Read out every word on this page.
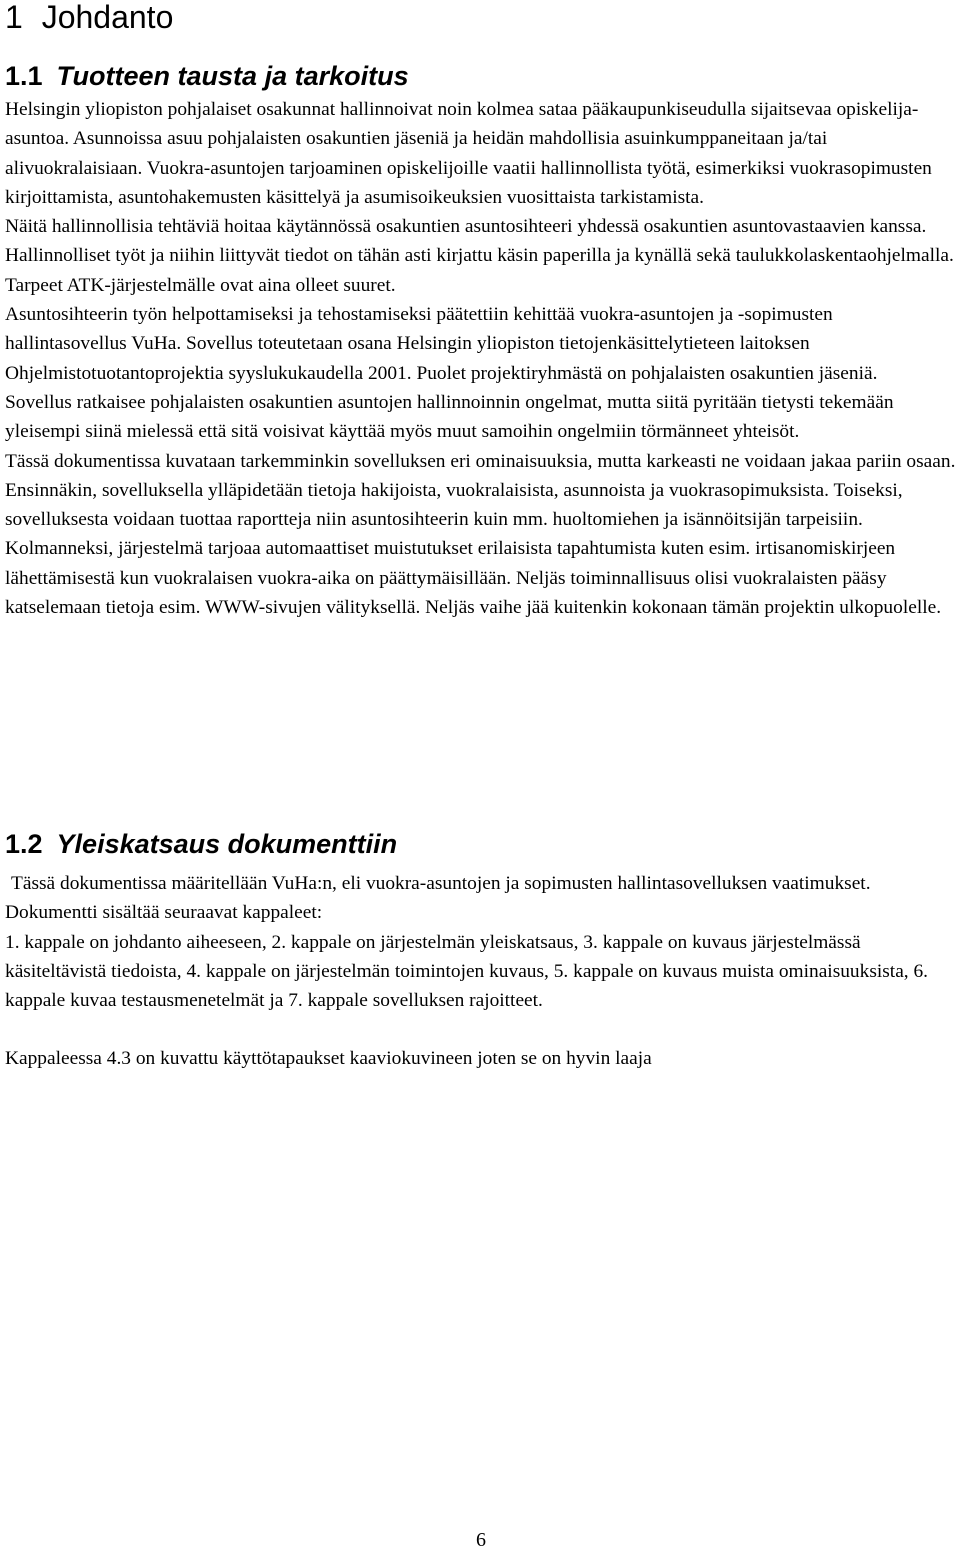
1 Johdanto
1.1 Tuotteen tausta ja tarkoitus

Helsingin yliopiston pohjalaiset osakunnat hallinnoivat noin kolmea sataa pääkaupunkiseudulla sijaitsevaa opiskelija-asuntoa. Asunnoissa asuu pohjalaisten osakuntien jäseniä ja heidän mahdollisia asuinkumppaneitaan ja/tai alivuokralaisiaan. Vuokra-asuntojen tarjoaminen opiskelijoille vaatii hallinnollista työtä, esimerkiksi vuokrasopimusten kirjoittamista, asuntohakemusten käsittelyä ja asumisoikeuksien vuosittaista tarkistamista.

Näitä hallinnollisia tehtäviä hoitaa käytännössä osakuntien asuntosihteeri yhdessä osakuntien asuntovastaavien kanssa.

Hallinnolliset työt ja niihin liittyvät tiedot on tähän asti kirjattu käsin paperilla ja kynällä sekä taulukkolaskentaohjelmalla. Tarpeet ATK-järjestelmälle ovat aina olleet suuret.

Asuntosihteerin työn helpottamiseksi ja tehostamiseksi päätettiin kehittää vuokra-asuntojen ja -sopimusten hallintasovellus VuHa. Sovellus toteutetaan osana Helsingin yliopiston tietojenkäsittelytieteen laitoksen Ohjelmistotuotantoprojektia syyslukukaudella 2001. Puolet projektiryhmästä on pohjalaisten osakuntien jäseniä.

Sovellus ratkaisee pohjalaisten osakuntien asuntojen hallinnoinnin ongelmat, mutta siitä pyritään tietysti tekemään yleisempi siinä mielessä että sitä voisivat käyttää myös muut samoihin ongelmiin törmänneet yhteisöt.

Tässä dokumentissa kuvataan tarkemminkin sovelluksen eri ominaisuuksia, mutta karkeasti ne voidaan jakaa pariin osaan. Ensinnäkin, sovelluksella ylläpidetään tietoja hakijoista, vuokralaisista, asunnoista ja vuokrasopimuksista. Toiseksi, sovelluksesta voidaan tuottaa raportteja niin asuntosihteerin kuin mm. huoltomiehen ja isännöitsijän tarpeisiin. Kolmanneksi, järjestelmä tarjoaa automaattiset muistutukset erilaisista tapahtumista kuten esim. irtisanomiskirjeen lähettämisestä kun vuokralaisen vuokra-aika on päättymäisillään. Neljäs toiminnallisuus olisi vuokralaisten pääsy katselemaan tietoja esim. WWW-sivujen välityksellä. Neljäs vaihe jää kuitenkin kokonaan tämän projektin ulkopuolelle.

1.2 Yleiskatsaus dokumenttiin

Tässä dokumentissa määritellään VuHa:n, eli vuokra-asuntojen ja sopimusten hallintasovelluksen vaatimukset. Dokumentti sisältää seuraavat kappaleet:

1. kappale on johdanto aiheeseen, 2. kappale on järjestelmän yleiskatsaus, 3. kappale on kuvaus järjestelmässä käsiteltävistä tiedoista, 4. kappale on järjestelmän toimintojen kuvaus, 5. kappale on kuvaus muista ominaisuuksista, 6. kappale kuvaa testausmenetelmät ja 7. kappale sovelluksen rajoitteet.

Kappaleessa 4.3 on kuvattu käyttötapaukset kaaviokuvineen joten se on hyvin laaja

6
